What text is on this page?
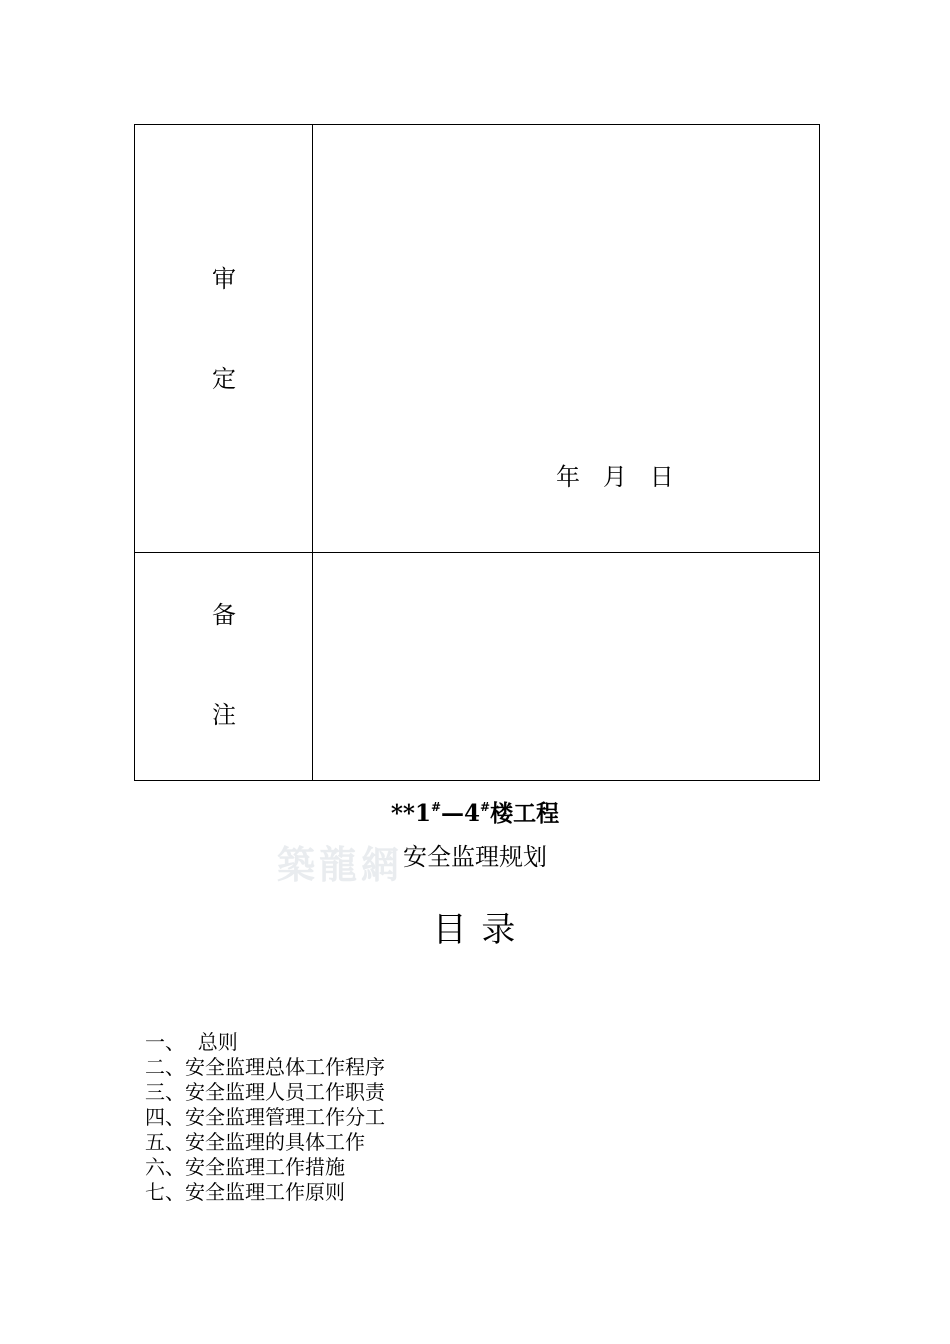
审
定
年   月   日
备
注
築龍網
**1#—4#楼工程
安全监理规划
目 录
一、  总则
二、安全监理总体工作程序
三、安全监理人员工作职责
四、安全监理管理工作分工
五、安全监理的具体工作
六、安全监理工作措施
七、安全监理工作原则
